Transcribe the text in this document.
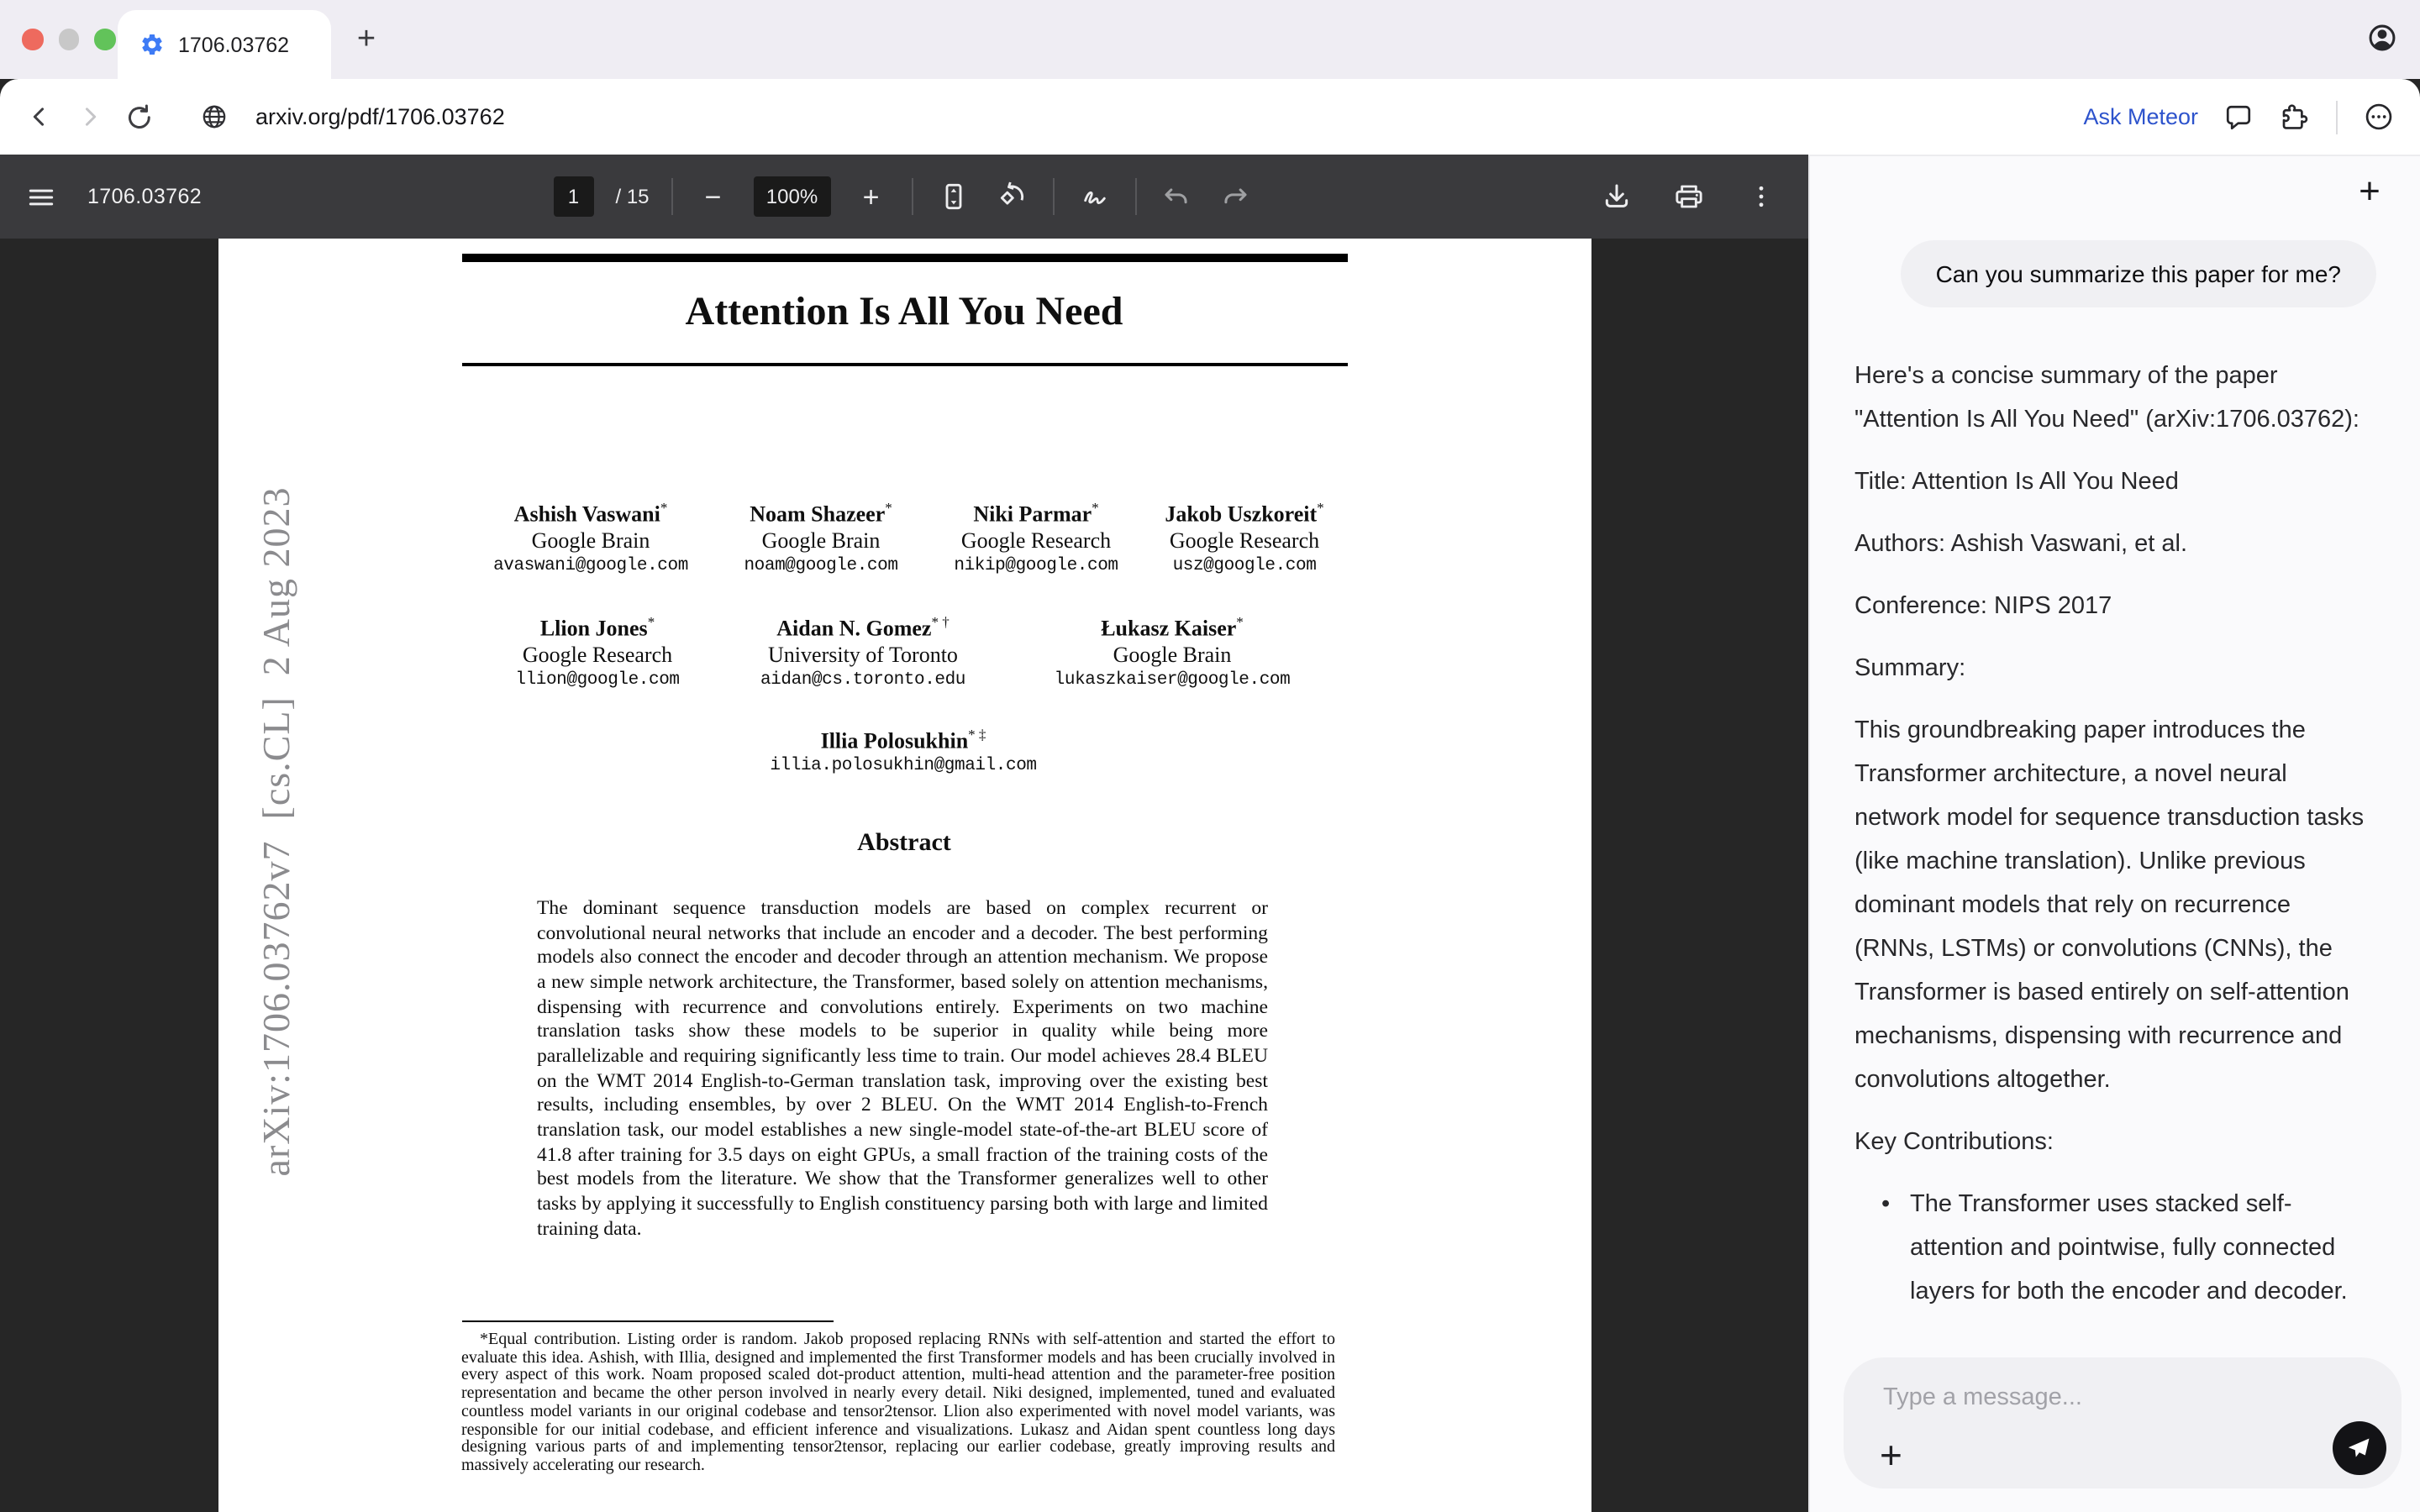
1706.03762	+
arxiv.org/pdf/1706.03762	Ask Meteor
1706.03762	1	/ 15	−	100%	+
Attention Is All You Need
Ashish Vaswani*
Google Brain
avaswani@google.com
Noam Shazeer*
Google Brain
noam@google.com
Niki Parmar*
Google Research
nikip@google.com
Jakob Uszkoreit*
Google Research
usz@google.com
Llion Jones*
Google Research
llion@google.com
Aidan N. Gomez* †
University of Toronto
aidan@cs.toronto.edu
Łukasz Kaiser*
Google Brain
lukaszkaiser@google.com
Illia Polosukhin* ‡
illia.polosukhin@gmail.com
Abstract
The dominant sequence transduction models are based on complex recurrent or convolutional neural networks that include an encoder and a decoder. The best performing models also connect the encoder and decoder through an attention mechanism. We propose a new simple network architecture, the Transformer, based solely on attention mechanisms, dispensing with recurrence and convolutions entirely. Experiments on two machine translation tasks show these models to be superior in quality while being more parallelizable and requiring significantly less time to train. Our model achieves 28.4 BLEU on the WMT 2014 English-to-German translation task, improving over the existing best results, including ensembles, by over 2 BLEU. On the WMT 2014 English-to-French translation task, our model establishes a new single-model state-of-the-art BLEU score of 41.8 after training for 3.5 days on eight GPUs, a small fraction of the training costs of the best models from the literature. We show that the Transformer generalizes well to other tasks by applying it successfully to English constituency parsing both with large and limited training data.
*Equal contribution. Listing order is random. Jakob proposed replacing RNNs with self-attention and started the effort to evaluate this idea. Ashish, with Illia, designed and implemented the first Transformer models and has been crucially involved in every aspect of this work. Noam proposed scaled dot-product attention, multi-head attention and the parameter-free position representation and became the other person involved in nearly every detail. Niki designed, implemented, tuned and evaluated countless model variants in our original codebase and tensor2tensor. Llion also experimented with novel model variants, was responsible for our initial codebase, and efficient inference and visualizations. Lukasz and Aidan spent countless long days designing various parts of and implementing tensor2tensor, replacing our earlier codebase, greatly improving results and massively accelerating our research.
arXiv:1706.03762v7  [cs.CL]  2 Aug 2023
+
Can you summarize this paper for me?

Here's a concise summary of the paper "Attention Is All You Need" (arXiv:1706.03762):

Title: Attention Is All You Need

Authors: Ashish Vaswani, et al.

Conference: NIPS 2017

Summary:

This groundbreaking paper introduces the Transformer architecture, a novel neural network model for sequence transduction tasks (like machine translation). Unlike previous dominant models that rely on recurrence (RNNs, LSTMs) or convolutions (CNNs), the Transformer is based entirely on self-attention mechanisms, dispensing with recurrence and convolutions altogether.

Key Contributions:

• The Transformer uses stacked self-attention and pointwise, fully connected layers for both the encoder and decoder.

Type a message...
+
